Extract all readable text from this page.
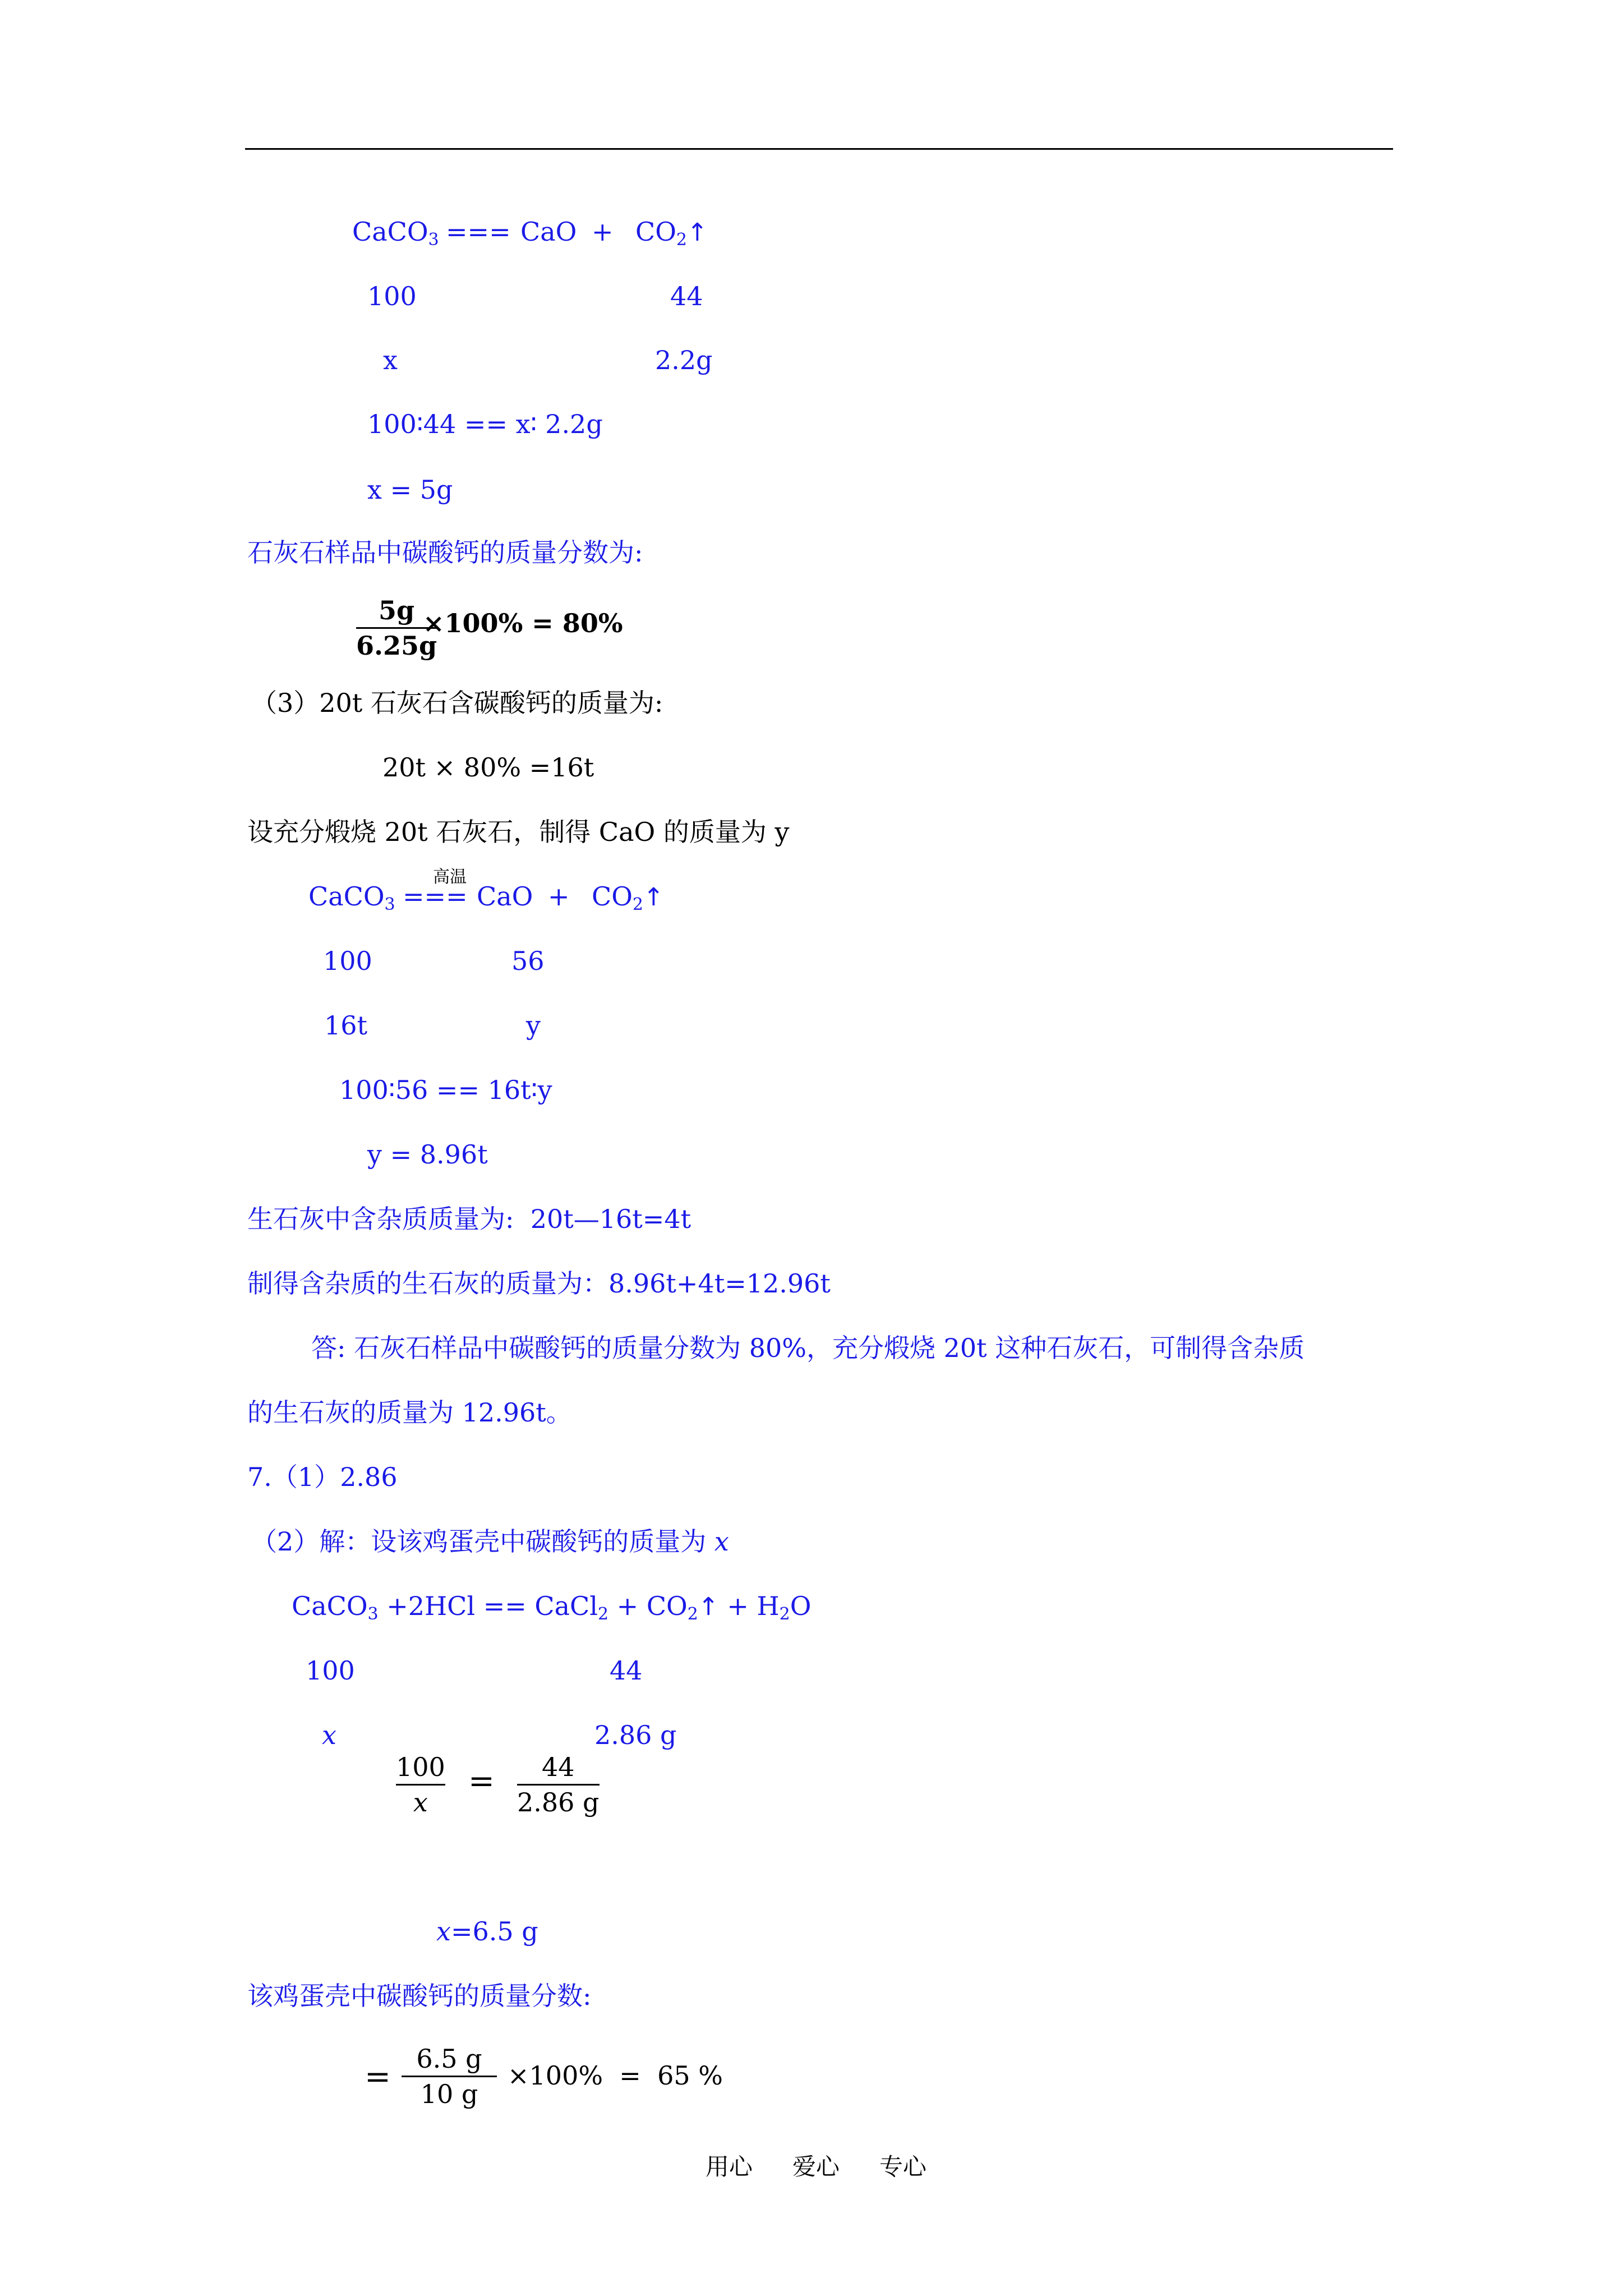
CaCO$_3$ === CaO + $CO_2↑$
100	44
x	2.2g
100∶44 == x∶ 2.2g
x = 5g
石灰石样品中碳酸钙的质量分数为:
5g
6.25g
×100% = 80%
（3）20t 石灰石含碳酸钙的质量为:
20t × 80% =16t
设充分煅烧 20t 石灰石，制得 CaO 的质量为 y
高温
CaCO$_3$ === CaO + $CO_2↑$
100	56
16t	y
100∶56 == 16t∶y
y = 8.96t
生石灰中含杂质质量为: 20t—16t=4t
制得含杂质的生石灰的质量为：8.96t+4t=12.96t
答: 石灰石样品中碳酸钙的质量分数为 80%，充分煅烧 20t 这种石灰石，可制得含杂质
的生石灰的质量为 12.96t。
7.（1）2.86
（2）解：设该鸡蛋壳中碳酸钙的质量为 x
CaCO$_3$ +2HCl == CaCl$_2$ + $CO_2↑ + H_2O$
100	44
x	2.86 g
100
x
= 44
2.86 g
x=6.5 g
该鸡蛋壳中碳酸钙的质量分数:
= 6.5 g
10 g
×100%  =  65 %
用心 爱心 专心
